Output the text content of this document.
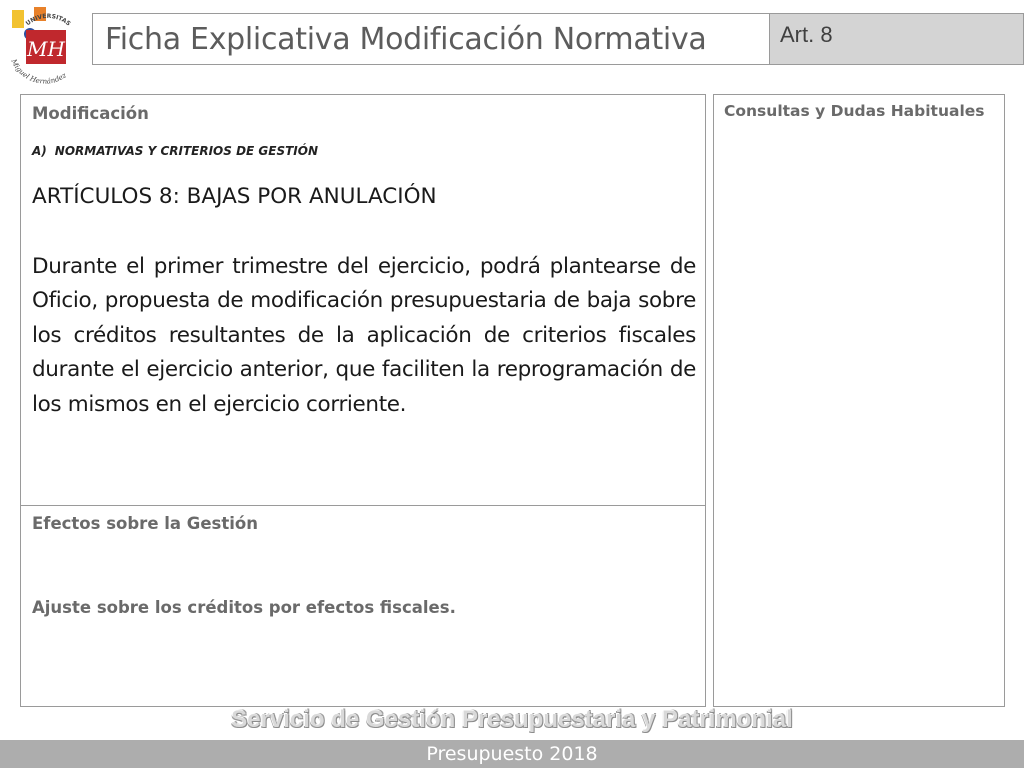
MH
UNIVERSITAS
Miguel Hernández
Ficha Explicativa Modificación Normativa	Art. 8
Modificación
A) NORMATIVAS Y CRITERIOS DE GESTIÓN
ARTÍCULOS 8: BAJAS POR ANULACIÓN
Durante el primer trimestre del ejercicio, podrá plantearse de Oficio, propuesta de modificación presupuestaria de baja sobre los créditos resultantes de la aplicación de criterios fiscales durante el ejercicio anterior, que faciliten la reprogramación de los mismos en el ejercicio corriente.
Efectos sobre la Gestión
Ajuste sobre los créditos por efectos fiscales.
Consultas y Dudas Habituales
Servicio de Gestión Presupuestaria y Patrimonial
Presupuesto 2018
